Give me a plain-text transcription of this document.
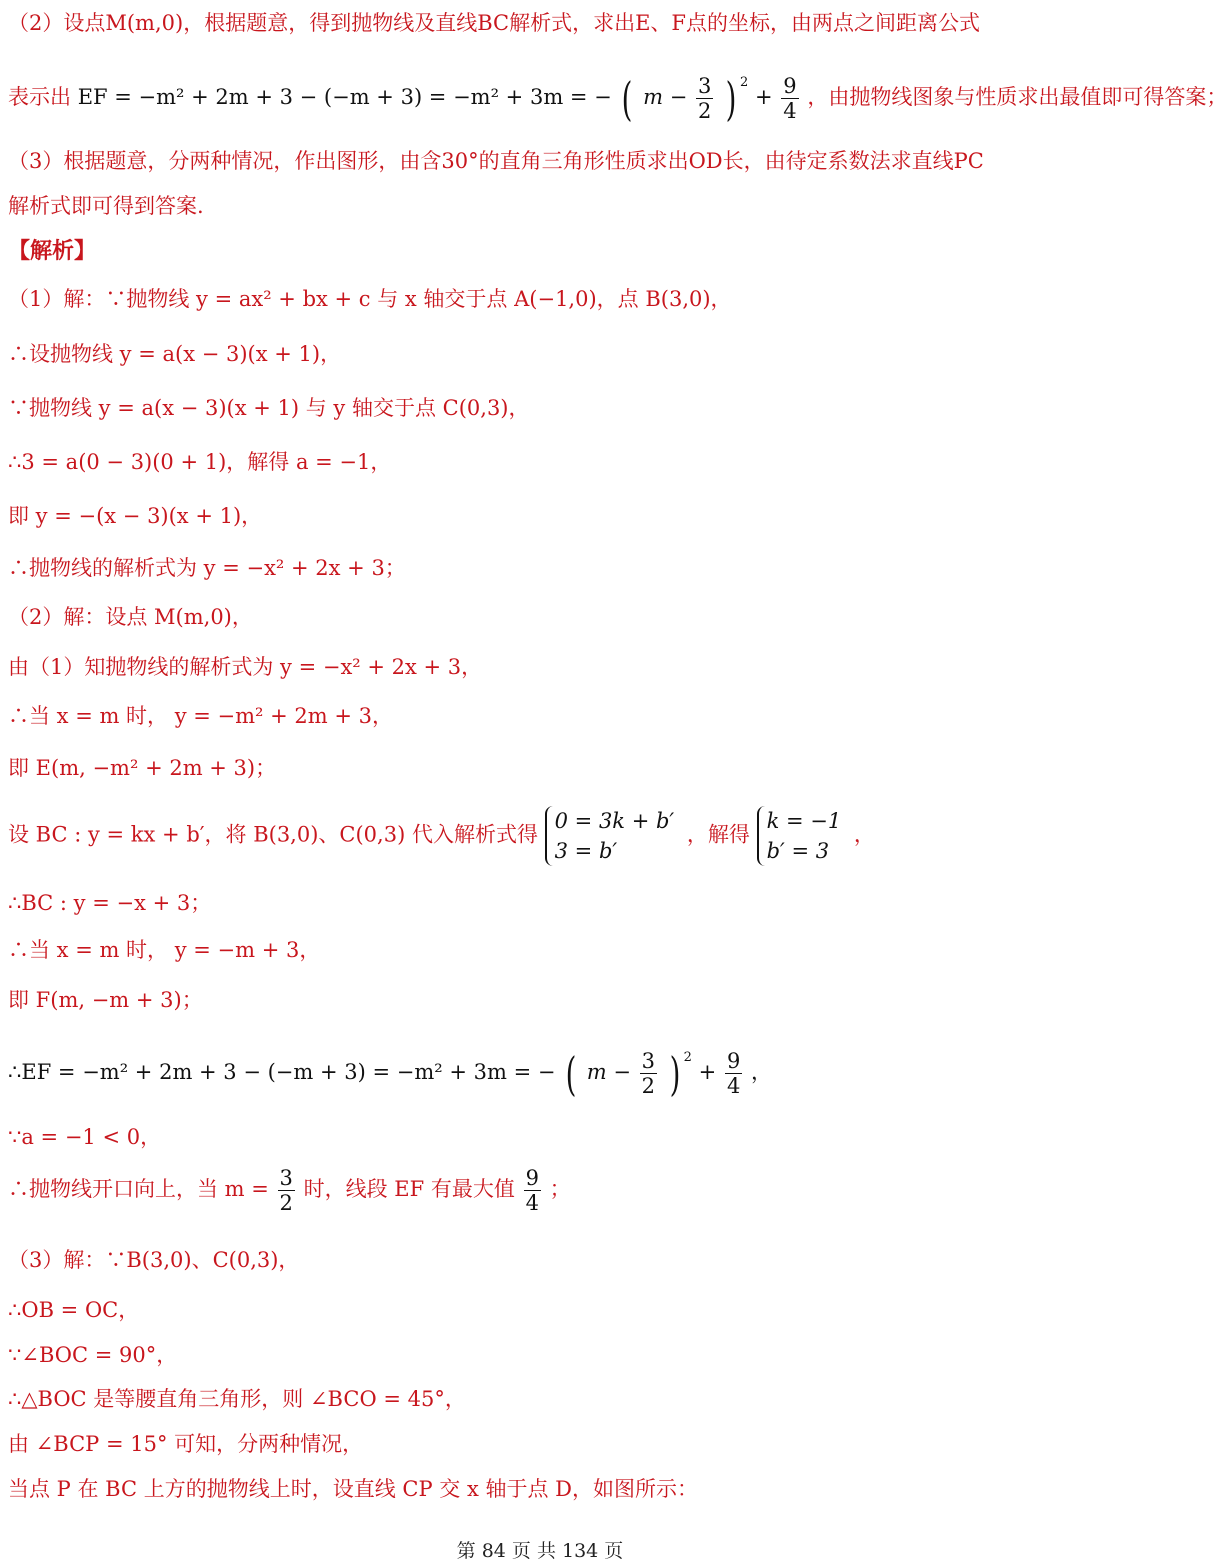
（2）设点M(m,0)，根据题意，得到抛物线及直线BC解析式，求出E、F点的坐标，由两点之间距离公式
表示出 EF = −m² + 2m + 3 − (−m + 3) = −m² + 3m = − ( $m - \frac{3}{2}$ ) $^2 + \frac{9}{4}$ ，由抛物线图象与性质求出最值即可得答案；
（3）根据题意，分两种情况，作出图形，由含30°的直角三角形性质求出OD长，由待定系数法求直线PC
解析式即可得到答案.
【解析】
（1）解：∵抛物线 y = ax² + bx + c 与 x 轴交于点 A(−1,0)，点 B(3,0)，
∴设抛物线 y = a(x − 3)(x + 1)，
∵抛物线 y = a(x − 3)(x + 1) 与 y 轴交于点 C(0,3)，
∴3 = a(0 − 3)(0 + 1)，解得 a = −1，
即 y = −(x − 3)(x + 1)，
∴抛物线的解析式为 y = −x² + 2x + 3；
（2）解：设点 M(m,0)，
由（1）知抛物线的解析式为 y = −x² + 2x + 3，
∴当 x = m 时， y = −m² + 2m + 3，
即 E(m, −m² + 2m + 3)；
设 BC : y = kx + b′，将 B(3,0)、C(0,3) 代入解析式得
0 = 3k + b′
3 = b′
，解得
k = −1
b′ = 3
，
∴BC : y = −x + 3；
∴当 x = m 时， y = −m + 3，
即 F(m, −m + 3)；
∴EF = −m² + 2m + 3 − (−m + 3) = −m² + 3m = − ( $m - \frac{3}{2}$ ) $^2 + \frac{9}{4}$ ，
∵a = −1 < 0，
∴抛物线开口向上，当 $m = \frac{3}{2}$ 时，线段 EF 有最大值 $\frac{9}{4}$ ；
（3）解：∵B(3,0)、C(0,3)，
∴OB = OC，
∵∠BOC = 90°，
∴△BOC 是等腰直角三角形，则 ∠BCO = 45°，
由 ∠BCP = 15° 可知，分两种情况，
当点 P 在 BC 上方的抛物线上时，设直线 CP 交 x 轴于点 D，如图所示：
第 84 页 共 134 页
